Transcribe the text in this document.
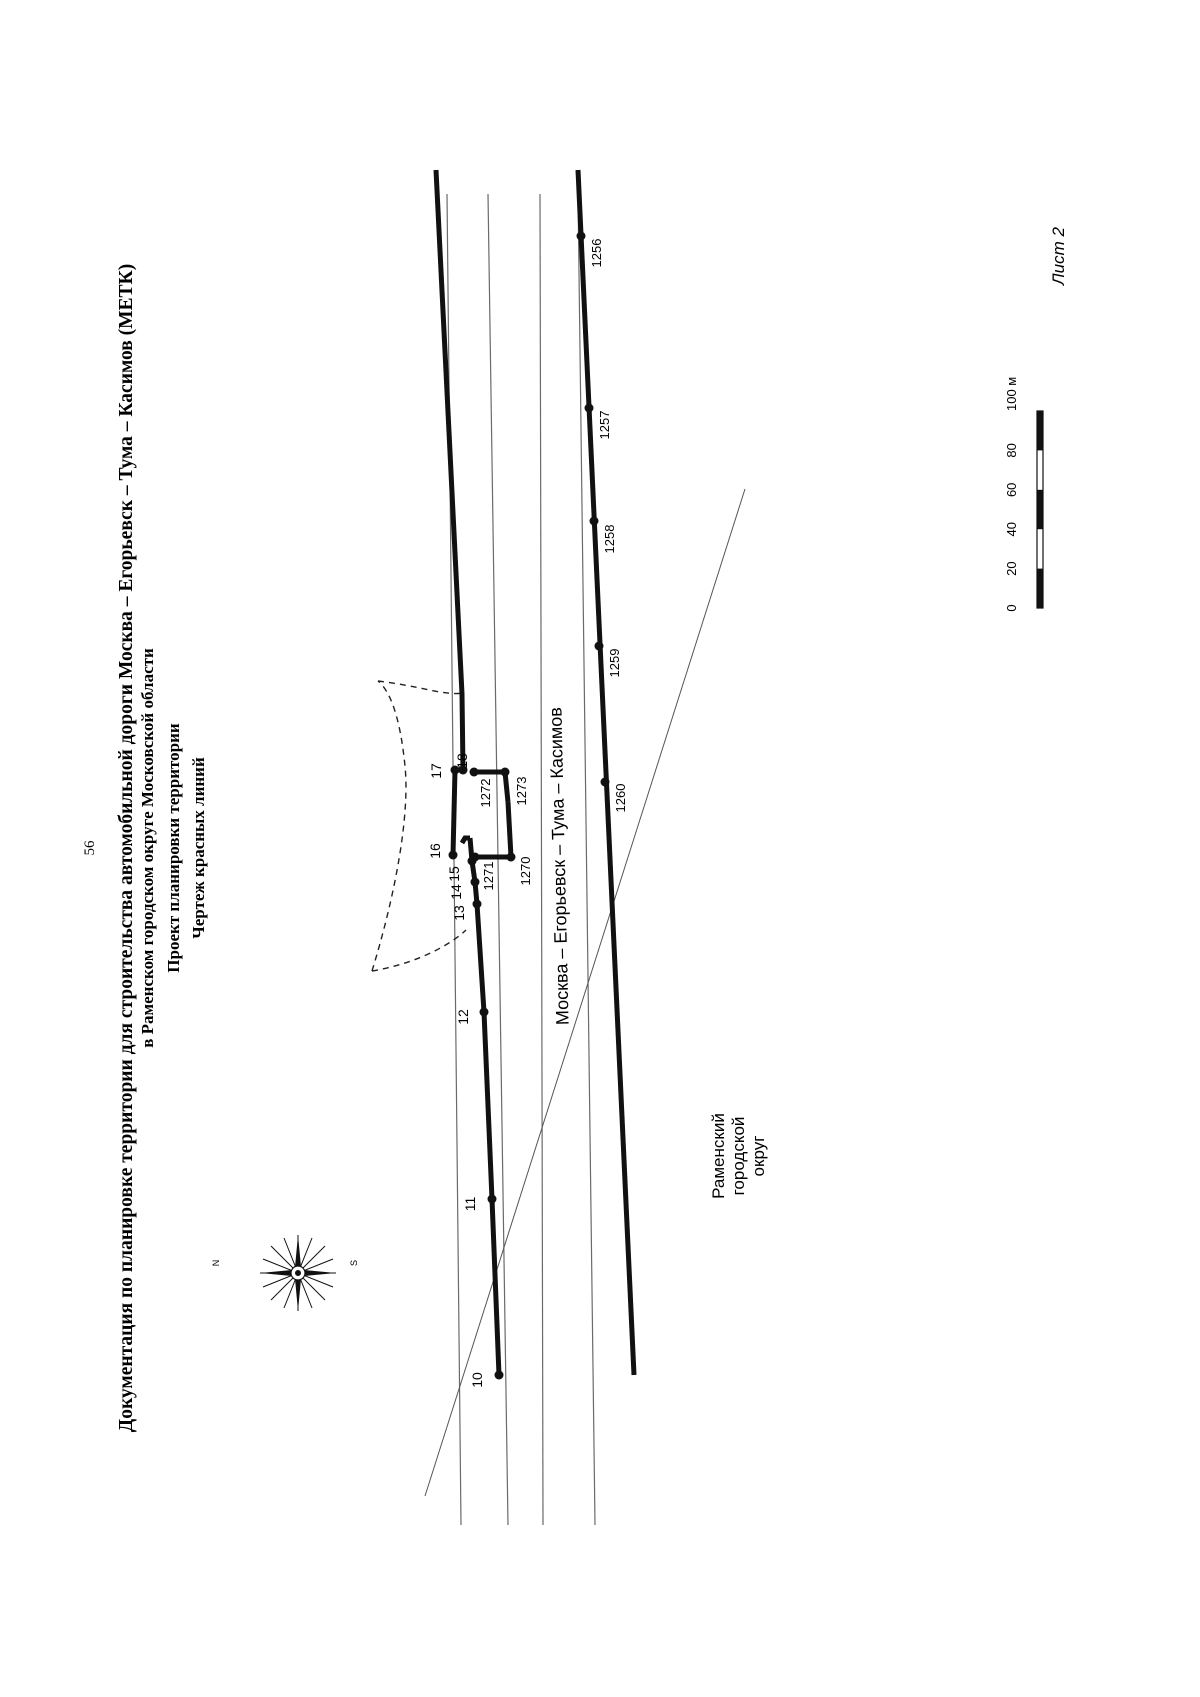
56 Документация по планировке территории для строительства автомобильной дороги Москва – Егорьевск – Тума – Касимов (МЕТК) в Раменском городском округе Московской области Проект планировки территории Чертеж красных линий
10
11
12
13
14
15
16
17
18
1270
1271
1272 1273	1260
1259
1258
1257
1256
Москва – Егорьевск – Тума – Касимов
Раменский городской округ
N	S
0
20
40
60
80
100 м
Лист 2
